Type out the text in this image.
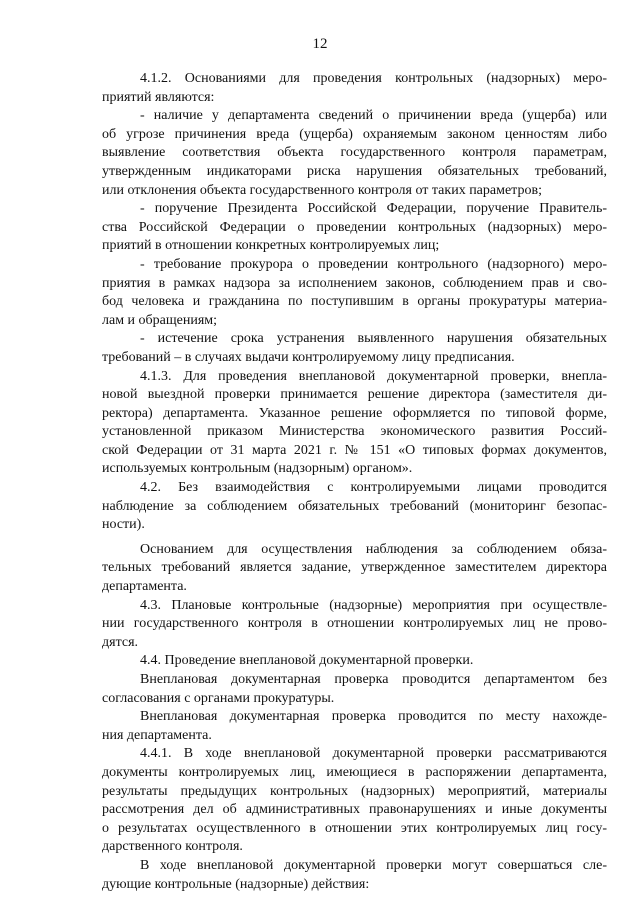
12
4.1.2. Основаниями для проведения контрольных (надзорных) меро-
приятий являются:
- наличие у департамента сведений о причинении вреда (ущерба) или
об угрозе причинения вреда (ущерба) охраняемым законом ценностям либо
выявление соответствия объекта государственного контроля параметрам,
утвержденным индикаторами риска нарушения обязательных требований,
или отклонения объекта государственного контроля от таких параметров;
- поручение Президента Российской Федерации, поручение Правитель-
ства Российской Федерации о проведении контрольных (надзорных) меро-
приятий в отношении конкретных контролируемых лиц;
- требование прокурора о проведении контрольного (надзорного) меро-
приятия в рамках надзора за исполнением законов, соблюдением прав и сво-
бод человека и гражданина по поступившим в органы прокуратуры материа-
лам и обращениям;
- истечение срока устранения выявленного нарушения обязательных
требований – в случаях выдачи контролируемому лицу предписания.
4.1.3. Для проведения внеплановой документарной проверки, внепла-
новой выездной проверки принимается решение директора (заместителя ди-
ректора) департамента. Указанное решение оформляется по типовой форме,
установленной приказом Министерства экономического развития Россий-
ской Федерации от 31 марта 2021 г. № 151 «О типовых формах документов,
используемых контрольным (надзорным) органом».
4.2. Без взаимодействия с контролируемыми лицами проводится
наблюдение за соблюдением обязательных требований (мониторинг безопас-
ности).
Основанием для осуществления наблюдения за соблюдением обяза-
тельных требований является задание, утвержденное заместителем директора
департамента.
4.3. Плановые контрольные (надзорные) мероприятия при осуществле-
нии государственного контроля в отношении контролируемых лиц не прово-
дятся.
4.4. Проведение внеплановой документарной проверки.
Внеплановая документарная проверка проводится департаментом без
согласования с органами прокуратуры.
Внеплановая документарная проверка проводится по месту нахожде-
ния департамента.
4.4.1. В ходе внеплановой документарной проверки рассматриваются
документы контролируемых лиц, имеющиеся в распоряжении департамента,
результаты предыдущих контрольных (надзорных) мероприятий, материалы
рассмотрения дел об административных правонарушениях и иные документы
о результатах осуществленного в отношении этих контролируемых лиц госу-
дарственного контроля.
В ходе внеплановой документарной проверки могут совершаться сле-
дующие контрольные (надзорные) действия:
